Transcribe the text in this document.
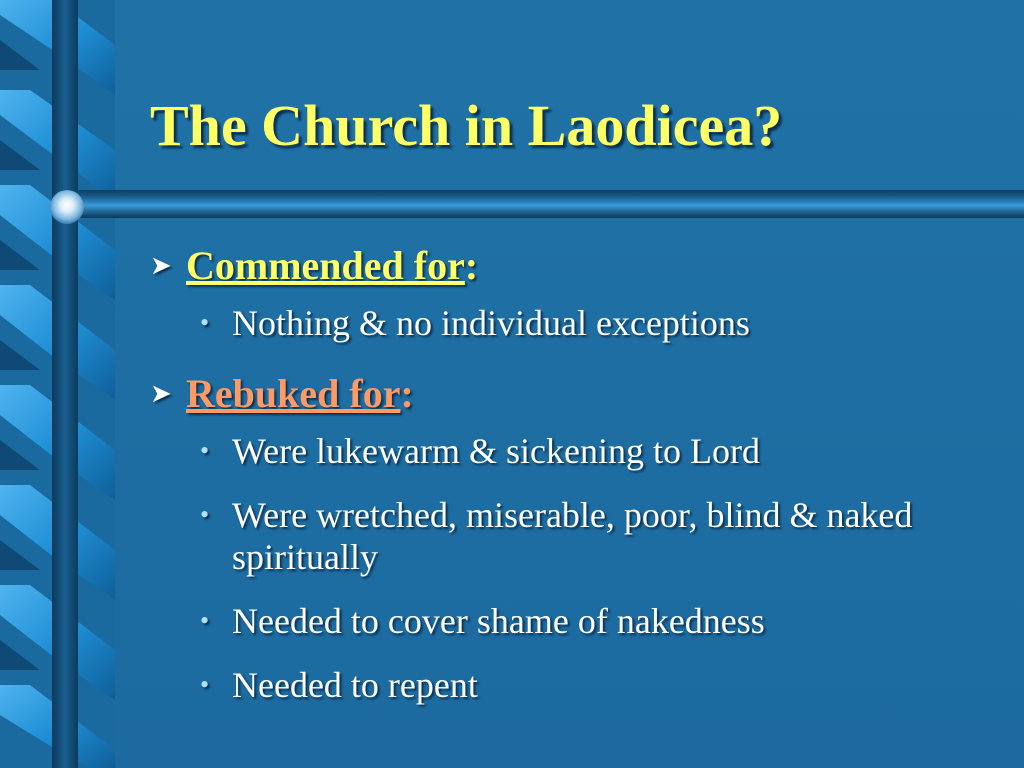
The Church in Laodicea?
➤ Commended for:
• Nothing & no individual exceptions
➤ Rebuked for:
• Were lukewarm & sickening to Lord
• Were wretched, miserable, poor, blind & naked spiritually
• Needed to cover shame of nakedness
• Needed to repent
